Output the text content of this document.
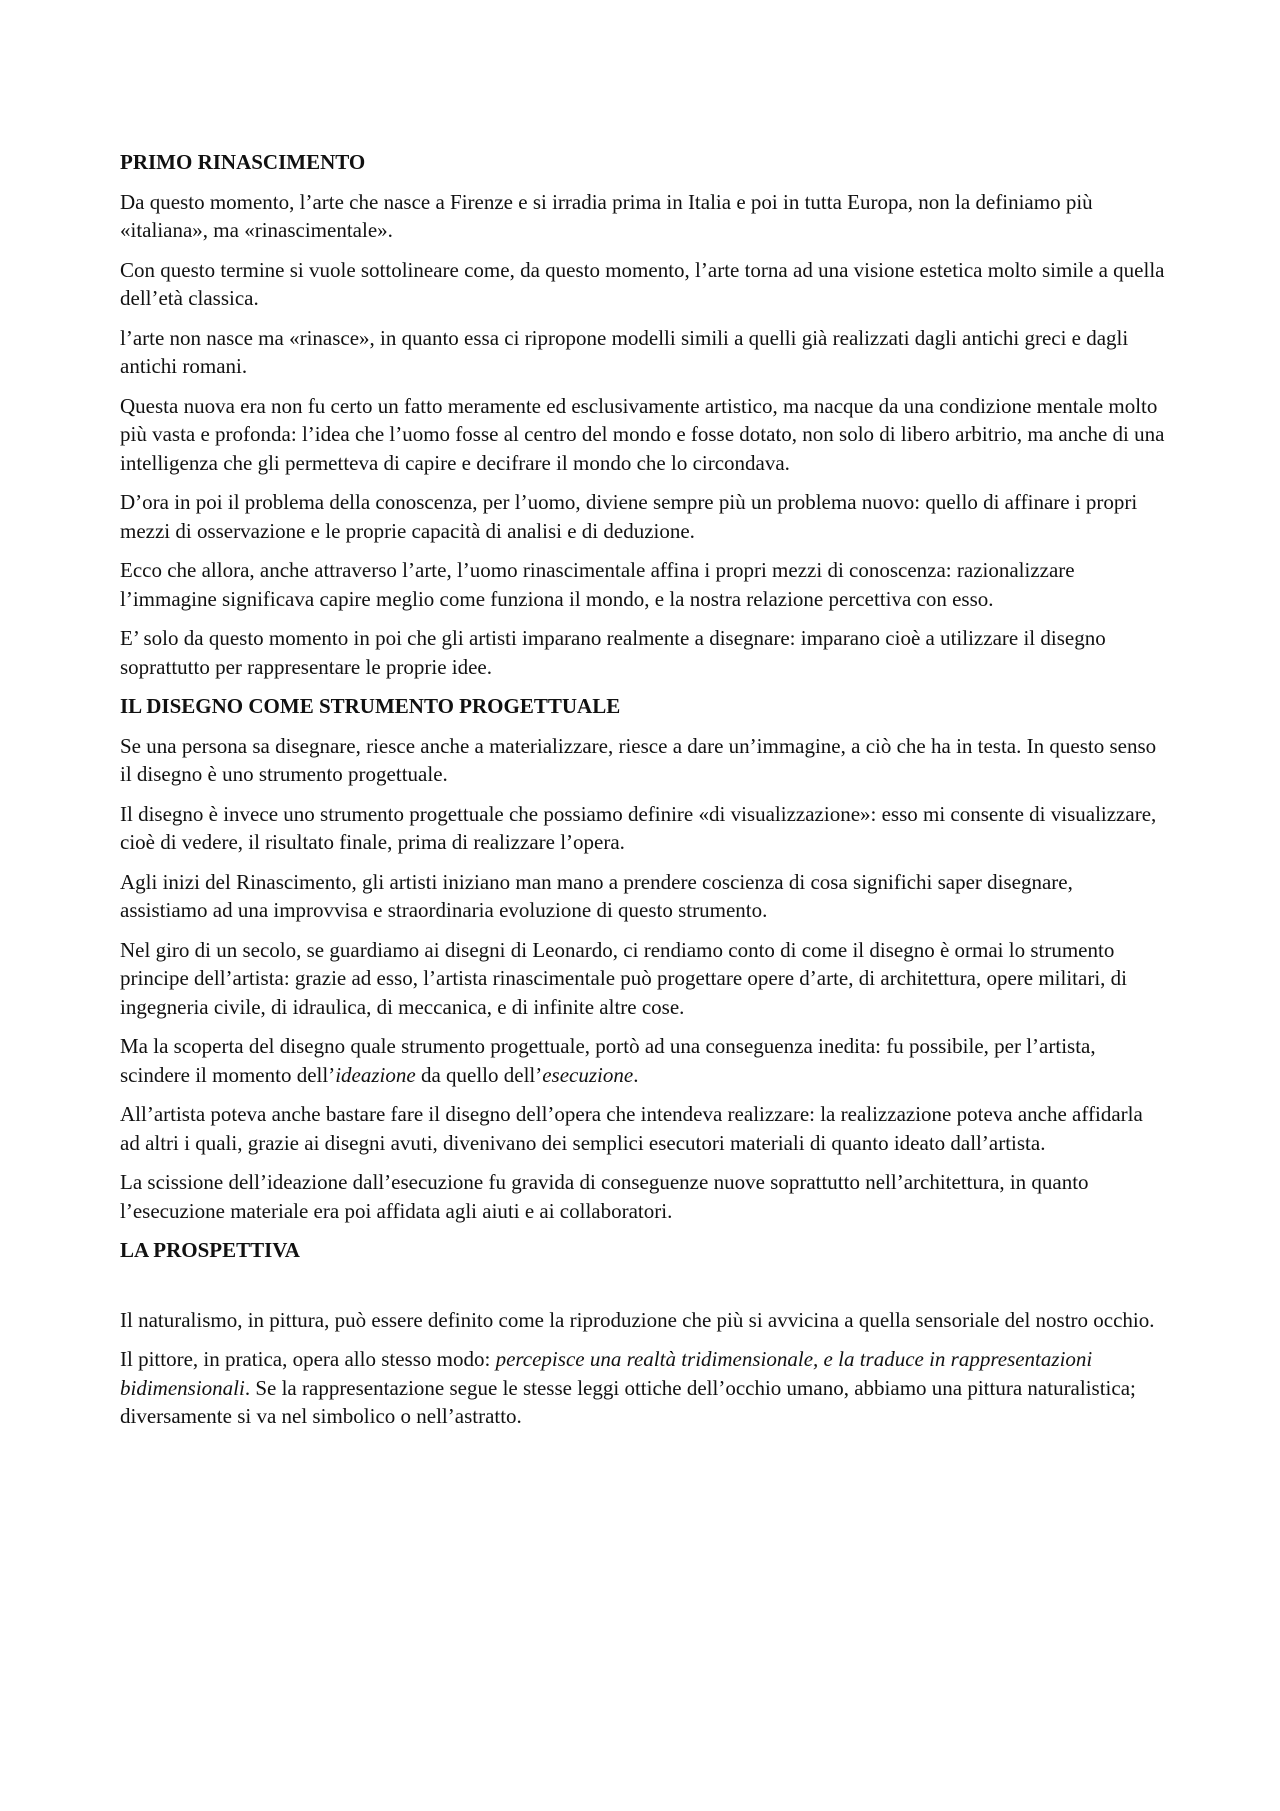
PRIMO RINASCIMENTO

Da questo momento, l’arte che nasce a Firenze e si irradia prima in Italia e poi in tutta Europa, non la definiamo più «italiana», ma «rinascimentale».

Con questo termine si vuole sottolineare come, da questo momento, l’arte torna ad una visione estetica molto simile a quella dell’età classica.

l’arte non nasce ma «rinasce», in quanto essa ci ripropone modelli simili a quelli già realizzati dagli antichi greci e dagli antichi romani.

Questa nuova era non fu certo un fatto meramente ed esclusivamente artistico, ma nacque da una condizione mentale molto più vasta e profonda: l’idea che l’uomo fosse al centro del mondo e fosse dotato, non solo di libero arbitrio, ma anche di una intelligenza che gli permetteva di capire e decifrare il mondo che lo circondava.

D’ora in poi il problema della conoscenza, per l’uomo, diviene sempre più un problema nuovo: quello di affinare i propri mezzi di osservazione e le proprie capacità di analisi e di deduzione.

Ecco che allora, anche attraverso l’arte, l’uomo rinascimentale affina i propri mezzi di conoscenza: razionalizzare l’immagine significava capire meglio come funziona il mondo, e la nostra relazione percettiva con esso.

E’ solo da questo momento in poi che gli artisti imparano realmente a disegnare: imparano cioè a utilizzare il disegno soprattutto per rappresentare le proprie idee.

IL DISEGNO COME STRUMENTO PROGETTUALE

Se una persona sa disegnare, riesce anche a materializzare, riesce a dare un’immagine, a ciò che ha in testa. In questo senso il disegno è uno strumento progettuale.

Il disegno è invece uno strumento progettuale che possiamo definire «di visualizzazione»: esso mi consente di visualizzare, cioè di vedere, il risultato finale, prima di realizzare l’opera.

Agli inizi del Rinascimento, gli artisti iniziano man mano a prendere coscienza di cosa significhi saper disegnare, assistiamo ad una improvvisa e straordinaria evoluzione di questo strumento.

Nel giro di un secolo, se guardiamo ai disegni di Leonardo, ci rendiamo conto di come il disegno è ormai lo strumento principe dell’artista: grazie ad esso, l’artista rinascimentale può progettare opere d’arte, di architettura, opere militari, di ingegneria civile, di idraulica, di meccanica, e di infinite altre cose.

Ma la scoperta del disegno quale strumento progettuale, portò ad una conseguenza inedita: fu possibile, per l’artista, scindere il momento dell’ideazione da quello dell’esecuzione.

All’artista poteva anche bastare fare il disegno dell’opera che intendeva realizzare: la realizzazione poteva anche affidarla ad altri i quali, grazie ai disegni avuti, divenivano dei semplici esecutori materiali di quanto ideato dall’artista.

La scissione dell’ideazione dall’esecuzione fu gravida di conseguenze nuove soprattutto nell’architettura, in quanto l’esecuzione materiale era poi affidata agli aiuti e ai collaboratori.

LA PROSPETTIVA

Il naturalismo, in pittura, può essere definito come la riproduzione che più si avvicina a quella sensoriale del nostro occhio.

Il pittore, in pratica, opera allo stesso modo: percepisce una realtà tridimensionale, e la traduce in rappresentazioni bidimensionali. Se la rappresentazione segue le stesse leggi ottiche dell’occhio umano, abbiamo una pittura naturalistica; diversamente si va nel simbolico o nell’astratto.
